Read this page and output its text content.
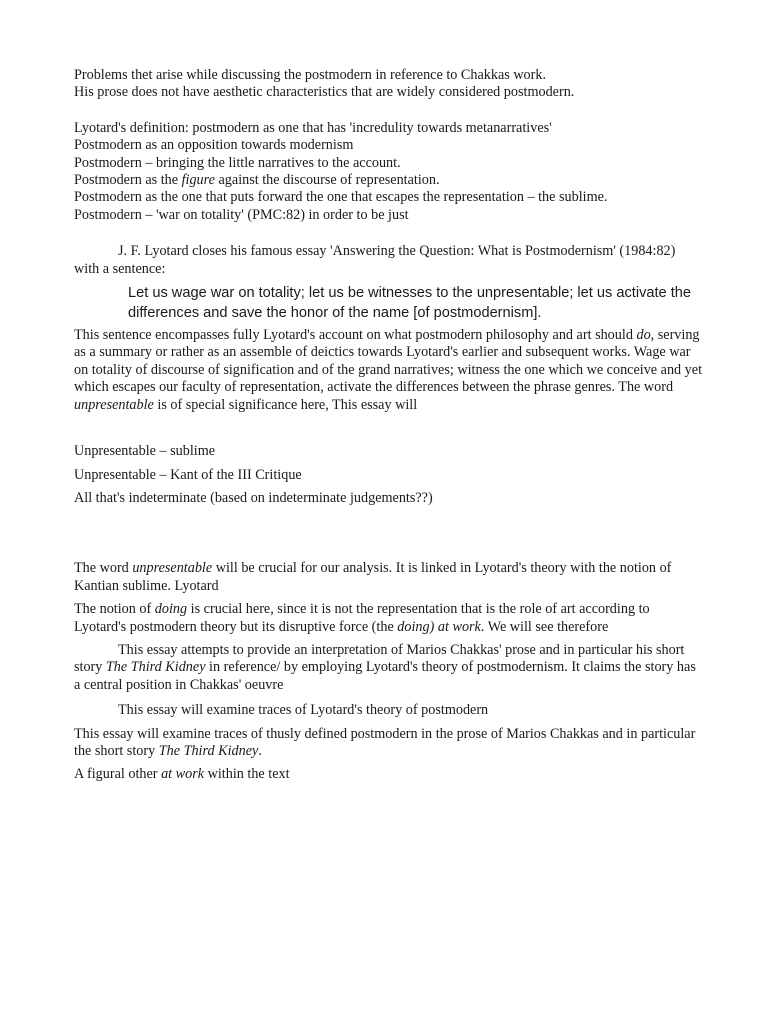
Problems thet arise while discussing the postmodern in reference to Chakkas work.

His prose does not have aesthetic characteristics that are widely considered postmodern.

Lyotard's definition: postmodern as one that has 'incredulity towards metanarratives'

Postmodern as an opposition towards modernism

Postmodern – bringing the little narratives to the account.

Postmodern as the figure against the discourse of representation.

Postmodern as the one that puts forward the one that escapes the representation – the sublime.

Postmodern – 'war on totality' (PMC:82) in order to be just

J. F. Lyotard closes his famous essay 'Answering the Question: What is Postmodernism' (1984:82) with a sentence:

Let us wage war on totality; let us be witnesses to the unpresentable; let us activate the differences and save the honor of the name [of postmodernism].

This sentence encompasses fully Lyotard's account on what postmodern philosophy and art should do, serving as a summary or rather as an assemble of deictics towards Lyotard's earlier and subsequent works. Wage war on totality of discourse of signification and of the grand narratives; witness the one which we conceive and yet which escapes our faculty of representation, activate the differences between the phrase genres. The word unpresentable is of special significance here, This essay will

Unpresentable – sublime

Unpresentable – Kant of the III Critique

All that's indeterminate (based on indeterminate judgements??)

The word unpresentable will be crucial for our analysis. It is linked in Lyotard's theory with the notion of Kantian sublime. Lyotard

The notion of doing is crucial here, since it is not the representation that is the role of art according to Lyotard's postmodern theory but its disruptive force (the doing) at work. We will see therefore

This essay attempts to provide an interpretation of Marios Chakkas' prose and in particular his short story The Third Kidney in reference/ by employing Lyotard's theory of postmodernism. It claims the story has a central position in Chakkas' oeuvre

This essay will examine traces of Lyotard's theory of postmodern

This essay will examine traces of thusly defined postmodern in the prose of Marios Chakkas and in particular the short story The Third Kidney.

A figural other at work within the text
